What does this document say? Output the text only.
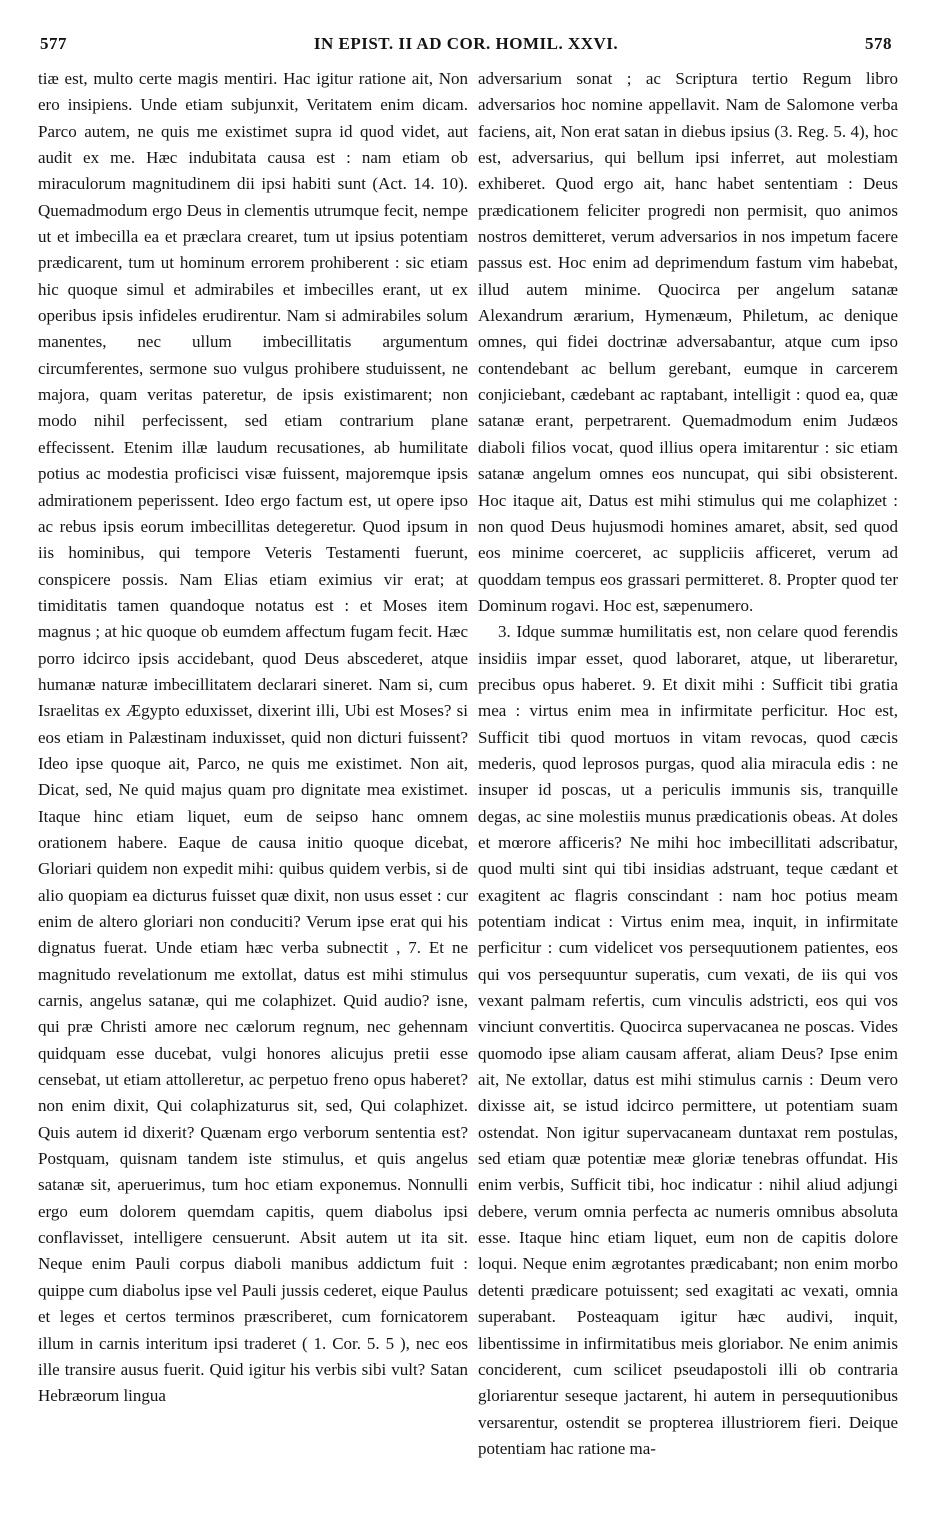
577	IN EPIST. II AD COR. HOMIL. XXVI.	578

tiæ est, multo certe magis mentiri. Hac igitur ratione ait, Non ero insipiens. Unde etiam subjunxit, Veritatem enim dicam. Parco autem, ne quis me existimet supra id quod videt, aut audit ex me. Hæc indubitata causa est : nam etiam ob miraculorum magnitudinem dii ipsi habiti sunt (Act. 14. 10). Quemadmodum ergo Deus in clementis utrumque fecit, nempe ut et imbecilla ea et præclara crearet, tum ut ipsius potentiam prædicarent, tum ut hominum errorem prohiberent : sic etiam hic quoque simul et admirabiles et imbecilles erant, ut ex operibus ipsis infideles erudirentur. Nam si admirabiles solum manentes, nec ullum imbecillitatis argumentum circumferentes, sermone suo vulgus prohibere studuissent, ne majora, quam veritas pateretur, de ipsis existimarent; non modo nihil perfecissent, sed etiam contrarium plane effecissent. Etenim illæ laudum recusationes, ab humilitate potius ac modestia proficisci visæ fuissent, majoremque ipsis admirationem peperissent. Ideo ergo factum est, ut opere ipso ac rebus ipsis eorum imbecillitas detegeretur. Quod ipsum in iis hominibus, qui tempore Veteris Testamenti fuerunt, conspicere possis. Nam Elias etiam eximius vir erat; at timiditatis tamen quandoque notatus est : et Moses item magnus ; at hic quoque ob eumdem affectum fugam fecit. Hæc porro idcirco ipsis accidebant, quod Deus abscederet, atque humanæ naturæ imbecillitatem declarari sineret. Nam si, cum Israelitas ex Ægypto eduxisset, dixerint illi, Ubi est Moses? si eos etiam in Palæstinam induxisset, quid non dicturi fuissent? Ideo ipse quoque ait, Parco, ne quis me existimet. Non ait, Dicat, sed, Ne quid majus quam pro dignitate mea existimet. Itaque hinc etiam liquet, eum de seipso hanc omnem orationem habere. Eaque de causa initio quoque dicebat, Gloriari quidem non expedit mihi: quibus quidem verbis, si de alio quopiam ea dicturus fuisset quæ dixit, non usus esset : cur enim de altero gloriari non conduciti? Verum ipse erat qui his dignatus fuerat. Unde etiam hæc verba subnectit , 7. Et ne magnitudo revelationum me extollat, datus est mihi stimulus carnis, angelus satanæ, qui me colaphizet. Quid audio? isne, qui præ Christi amore nec cælorum regnum, nec gehennam quidquam esse ducebat, vulgi honores alicujus pretii esse censebat, ut etiam attolleretur, ac perpetuo freno opus haberet? non enim dixit, Qui colaphizaturus sit, sed, Qui colaphizet. Quis autem id dixerit? Quænam ergo verborum sententia est? Postquam, quisnam tandem iste stimulus, et quis angelus satanæ sit, aperuerimus, tum hoc etiam exponemus. Nonnulli ergo eum dolorem quemdam capitis, quem diabolus ipsi conflavisset, intelligere censuerunt. Absit autem ut ita sit. Neque enim Pauli corpus diaboli manibus addictum fuit : quippe cum diabolus ipse vel Pauli jussis cederet, eique Paulus et leges et certos terminos præscriberet, cum fornicatorem illum in carnis interitum ipsi traderet ( 1. Cor. 5. 5 ), nec eos ille transire ausus fuerit. Quid igitur his verbis sibi vult? Satan Hebræorum lingua

adversarium sonat ; ac Scriptura tertio Regum libro adversarios hoc nomine appellavit. Nam de Salomone verba faciens, ait, Non erat satan in diebus ipsius (3. Reg. 5. 4), hoc est, adversarius, qui bellum ipsi inferret, aut molestiam exhiberet. Quod ergo ait, hanc habet sententiam : Deus prædicationem feliciter progredi non permisit, quo animos nostros demitteret, verum adversarios in nos impetum facere passus est. Hoc enim ad deprimendum fastum vim habebat, illud autem minime. Quocirca per angelum satanæ Alexandrum ærarium, Hymenæum, Philetum, ac denique omnes, qui fidei doctrinæ adversabantur, atque cum ipso contendebant ac bellum gerebant, eumque in carcerem conjiciebant, cædebant ac raptabant, intelligit : quod ea, quæ satanæ erant, perpetrarent. Quemadmodum enim Judæos diaboli filios vocat, quod illius opera imitarentur : sic etiam satanæ angelum omnes eos nuncupat, qui sibi obsisterent. Hoc itaque ait, Datus est mihi stimulus qui me colaphizet : non quod Deus hujusmodi homines amaret, absit, sed quod eos minime coerceret, ac suppliciis afficeret, verum ad quoddam tempus eos grassari permitteret. 8. Propter quod ter Dominum rogavi. Hoc est, sæpenumero.

3. Idque summæ humilitatis est, non celare quod ferendis insidiis impar esset, quod laboraret, atque, ut liberaretur, precibus opus haberet. 9. Et dixit mihi : Sufficit tibi gratia mea : virtus enim mea in infirmitate perficitur. Hoc est, Sufficit tibi quod mortuos in vitam revocas, quod cæcis mederis, quod leprosos purgas, quod alia miracula edis : ne insuper id poscas, ut a periculis immunis sis, tranquille degas, ac sine molestiis munus prædicationis obeas. At doles et mœrore afficeris? Ne mihi hoc imbecillitati adscribatur, quod multi sint qui tibi insidias adstruant, teque cædant et exagitent ac flagris conscindant : nam hoc potius meam potentiam indicat : Virtus enim mea, inquit, in infirmitate perficitur : cum videlicet vos persequutionem patientes, eos qui vos persequuntur superatis, cum vexati, de iis qui vos vexant palmam refertis, cum vinculis adstricti, eos qui vos vinciunt convertitis. Quocirca supervacanea ne poscas. Vides quomodo ipse aliam causam afferat, aliam Deus? Ipse enim ait, Ne extollar, datus est mihi stimulus carnis : Deum vero dixisse ait, se istud idcirco permittere, ut potentiam suam ostendat. Non igitur supervacaneam duntaxat rem postulas, sed etiam quæ potentiæ meæ gloriæ tenebras offundat. His enim verbis, Sufficit tibi, hoc indicatur : nihil aliud adjungi debere, verum omnia perfecta ac numeris omnibus absoluta esse. Itaque hinc etiam liquet, eum non de capitis dolore loqui. Neque enim ægrotantes prædicabant; non enim morbo detenti prædicare potuissent; sed exagitati ac vexati, omnia superabant. Posteaquam igitur hæc audivi, inquit, libentissime in infirmitatibus meis gloriabor. Ne enim animis conciderent, cum scilicet pseudapostoli illi ob contraria gloriarentur seseque jactarent, hi autem in persequutionibus versarentur, ostendit se propterea illustriorem fieri. Deique potentiam hac ratione ma-
